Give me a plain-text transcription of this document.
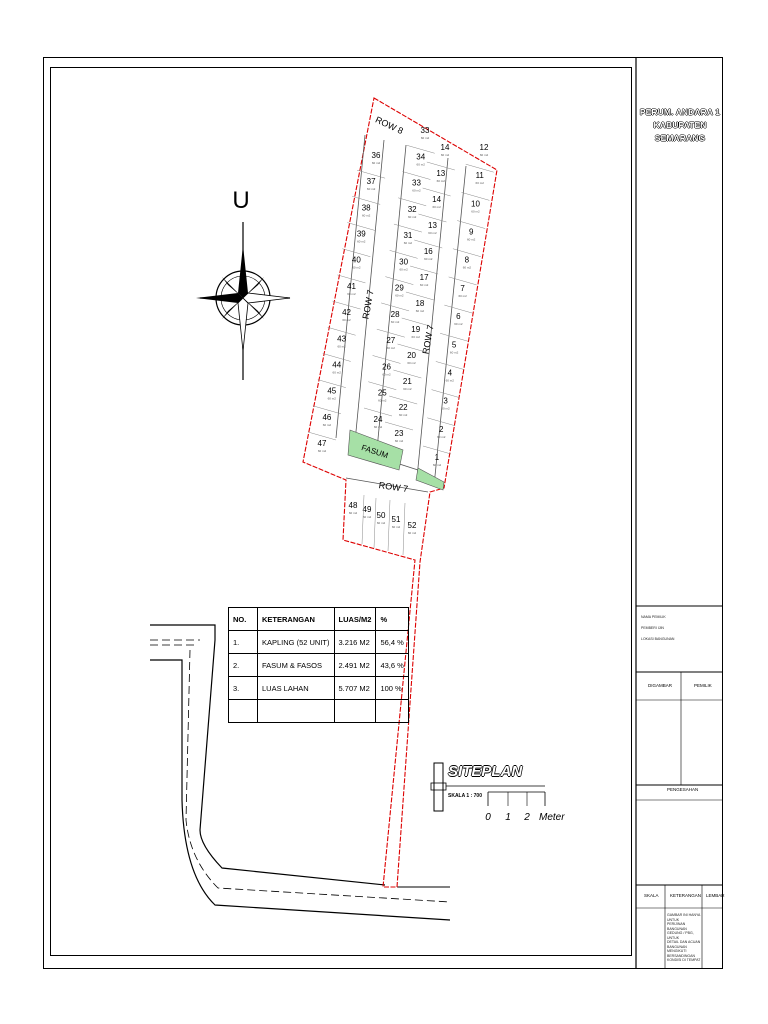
PERUM. ANDARA 1
KABUPATEN SEMARANG
NAMA PEMILIK
PEMBERI IJIN
LOKASI BANGUNAN
DIGAMBAR	PEMILIK
PENGESAHAN
SKALA	KETERANGAN LEMBAR
GAMBAR INI HANYA UNTUK
PERIJINAN BANGUNAN
GEDUNG / PBG, UNTUK
DETAIL DAN ACUAN
BANGUNAN MENGIKUTI
BERSANDINGAN
KONDISI DI TEMPAT
U
12
60 m2
11
60 m2
10
60 m2
9
60 m2
8
60 m2
7
60 m2
6
60 m2
5
60 m2
4
60 m2
3
60 m2
2
60 m2
1
60 m2
14
60 m2
13
60 m2
14
60 m2
13
60 m2
16
60 m2
17
60 m2
18
60 m2
19
60 m2
20
60 m2
21
60 m2
22
60 m2
23
60 m2
33
60 m2
34
60 m2
33
60 m2
32
60 m2
31
60 m2
30
60 m2
29
60 m2
28
60 m2
27
60 m2
26
60 m2
25
60 m2
24
60 m2
36
60 m2
37
60 m2
38
60 m2
39
60 m2
40
60 m2
41
60 m2
42
60 m2
43
60 m2
44
60 m2
45
60 m2
46
60 m2
47
60 m2
48
60 m2 49
60 m2 50
60 m2 51
60 m2 52
60 m2
ROW 8
ROW 7
ROW 7
ROW 7
FASUM
0 1 2 Meter
SITEPLAN
SKALA 1 : 700
NO.	KETERANGAN	LUAS/M2	%
1.	KAPLING (52 UNIT)	3.216 M2	56,4 %
2.	FASUM & FASOS	2.491 M2	43,6 %
3.	LUAS LAHAN	5.707 M2	100 %
